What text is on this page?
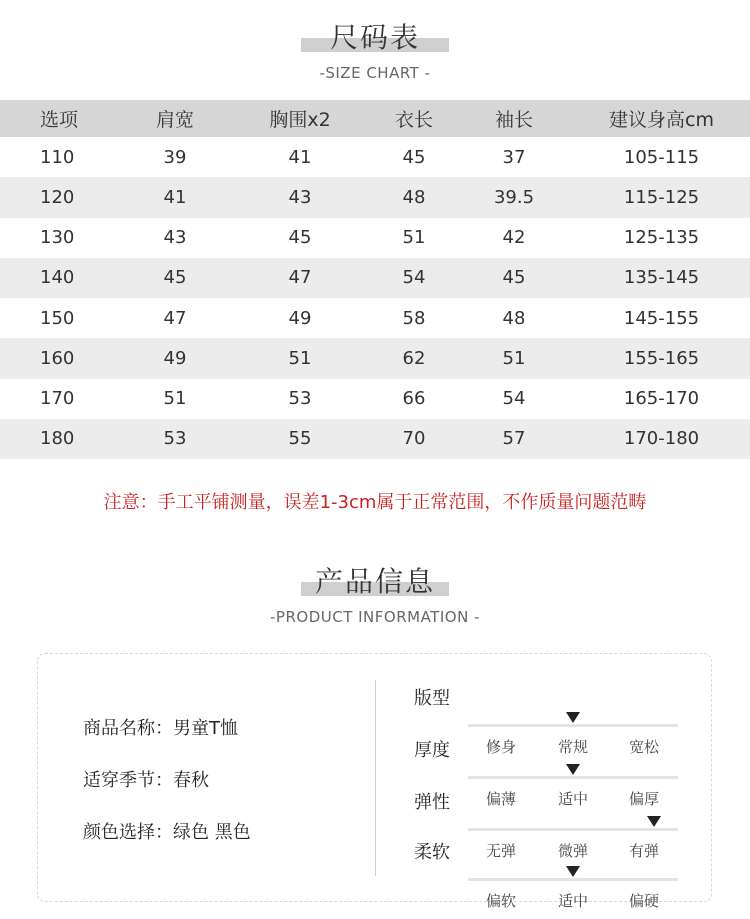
尺码表
-SIZE CHART -
选项	肩宽	胸围x2	衣长	袖长	建议身高cm
110	39	41	45	37	105-115
120	41	43	48	39.5	115-125
130	43	45	51	42	125-135
140	45	47	54	45	135-145
150	47	49	58	48	145-155
160	49	51	62	51	155-165
170	51	53	66	54	165-170
180	53	55	70	57	170-180
注意：手工平铺测量，误差1-3cm属于正常范围，不作质量问题范畴
产品信息
-PRODUCT INFORMATION -
商品名称：男童T恤
适穿季节：春秋
颜色选择：绿色 黑色
版型
修身	常规	宽松
厚度
偏薄	适中	偏厚
弹性
无弹	微弹	有弹
柔软
偏软	适中	偏硬
